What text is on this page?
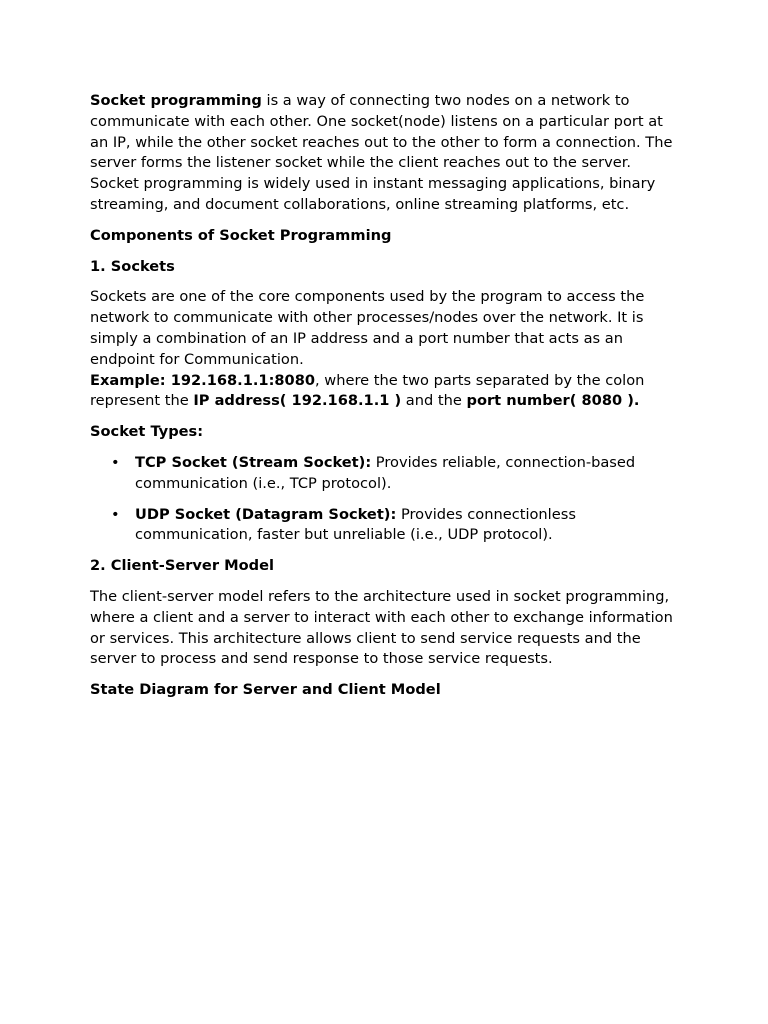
Socket programming is a way of connecting two nodes on a network to communicate with each other. One socket(node) listens on a particular port at an IP, while the other socket reaches out to the other to form a connection. The server forms the listener socket while the client reaches out to the server.

Socket programming is widely used in instant messaging applications, binary streaming, and document collaborations, online streaming platforms, etc.

Components of Socket Programming

1. Sockets

Sockets are one of the core components used by the program to access the network to communicate with other processes/nodes over the network. It is simply a combination of an IP address and a port number that acts as an endpoint for Communication.

Example: 192.168.1.1:8080, where the two parts separated by the colon represent the IP address( 192.168.1.1 ) and the port number( 8080 ).

Socket Types:

• TCP Socket (Stream Socket): Provides reliable, connection-based communication (i.e., TCP protocol).
• UDP Socket (Datagram Socket): Provides connectionless communication, faster but unreliable (i.e., UDP protocol).

2. Client-Server Model

The client-server model refers to the architecture used in socket programming, where a client and a server to interact with each other to exchange information or services. This architecture allows client to send service requests and the server to process and send response to those service requests.

State Diagram for Server and Client Model
